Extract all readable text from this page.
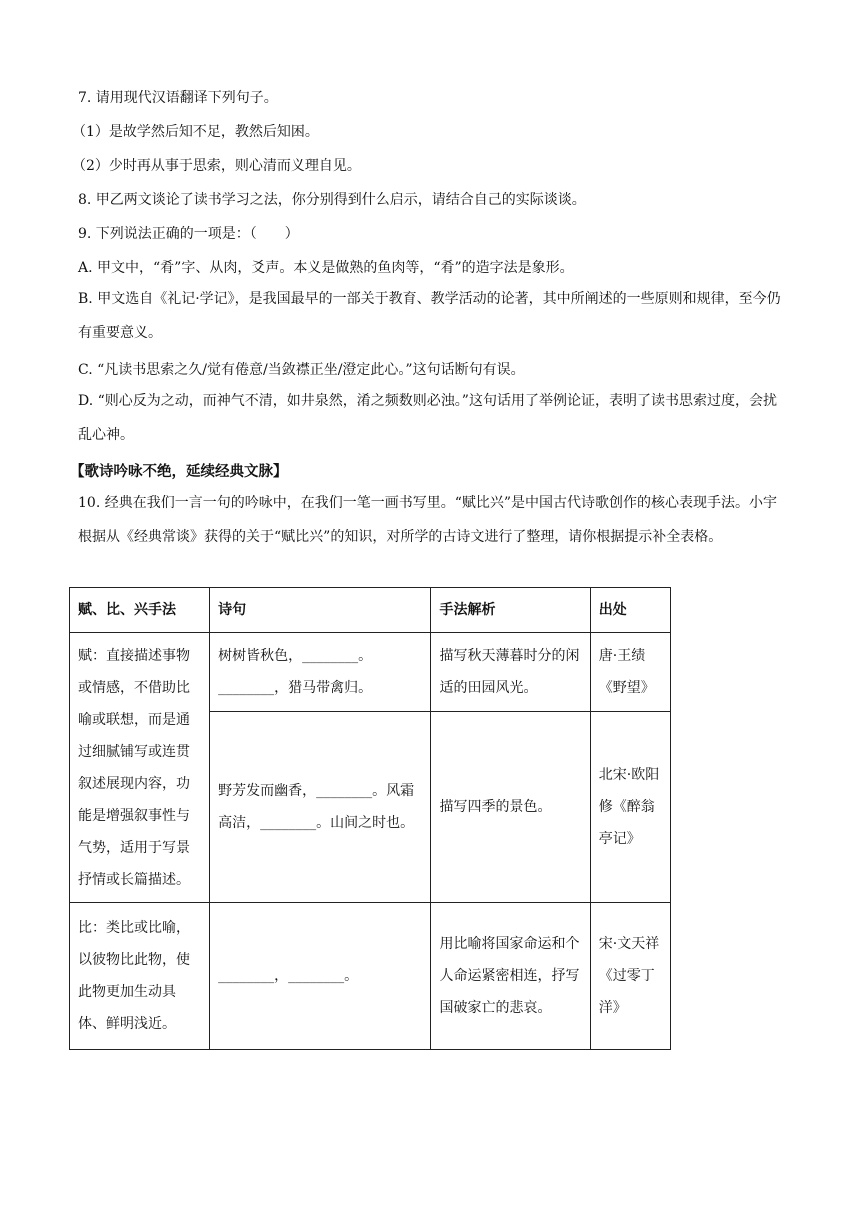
7. 请用现代汉语翻译下列句子。
（1）是故学然后知不足，教然后知困。
（2）少时再从事于思索，则心清而义理自见。
8. 甲乙两文谈论了读书学习之法，你分别得到什么启示，请结合自己的实际谈谈。
9. 下列说法正确的一项是：（　　）
A. 甲文中，“肴”字、从肉，爻声。本义是做熟的鱼肉等，“肴”的造字法是象形。
B. 甲文选自《礼记·学记》，是我国最早的一部关于教育、教学活动的论著，其中所阐述的一些原则和规律，至今仍有重要意义。
C. “凡读书思索之久/觉有倦意/当敛襟正坐/澄定此心。”这句话断句有误。
D. “则心反为之动，而神气不清，如井泉然，淆之频数则必浊。”这句话用了举例论证，表明了读书思索过度，会扰乱心神。
【歌诗吟咏不绝，延续经典文脉】
10. 经典在我们一言一句的吟咏中，在我们一笔一画书写里。“赋比兴”是中国古代诗歌创作的核心表现手法。小宇根据从《经典常谈》获得的关于“赋比兴”的知识，对所学的古诗文进行了整理，请你根据提示补全表格。
赋、比、兴手法	诗句	手法解析	出处
赋：直接描述事物或情感，不借助比喻或联想，而是通过细腻铺写或连贯叙述展现内容，功能是增强叙事性与气势，适用于写景抒情或长篇描述。	树树皆秋色，________。________，猎马带禽归。	描写秋天薄暮时分的闲适的田园风光。	唐·王绩《野望》
	野芳发而幽香，________。风霜高洁，________。山间之时也。	描写四季的景色。	北宋·欧阳修《醉翁亭记》
比：类比或比喻，以彼物比此物，使此物更加生动具体、鲜明浅近。	________，________。	用比喻将国家命运和个人命运紧密相连，抒写国破家亡的悲哀。	宋·文天祥《过零丁洋》
